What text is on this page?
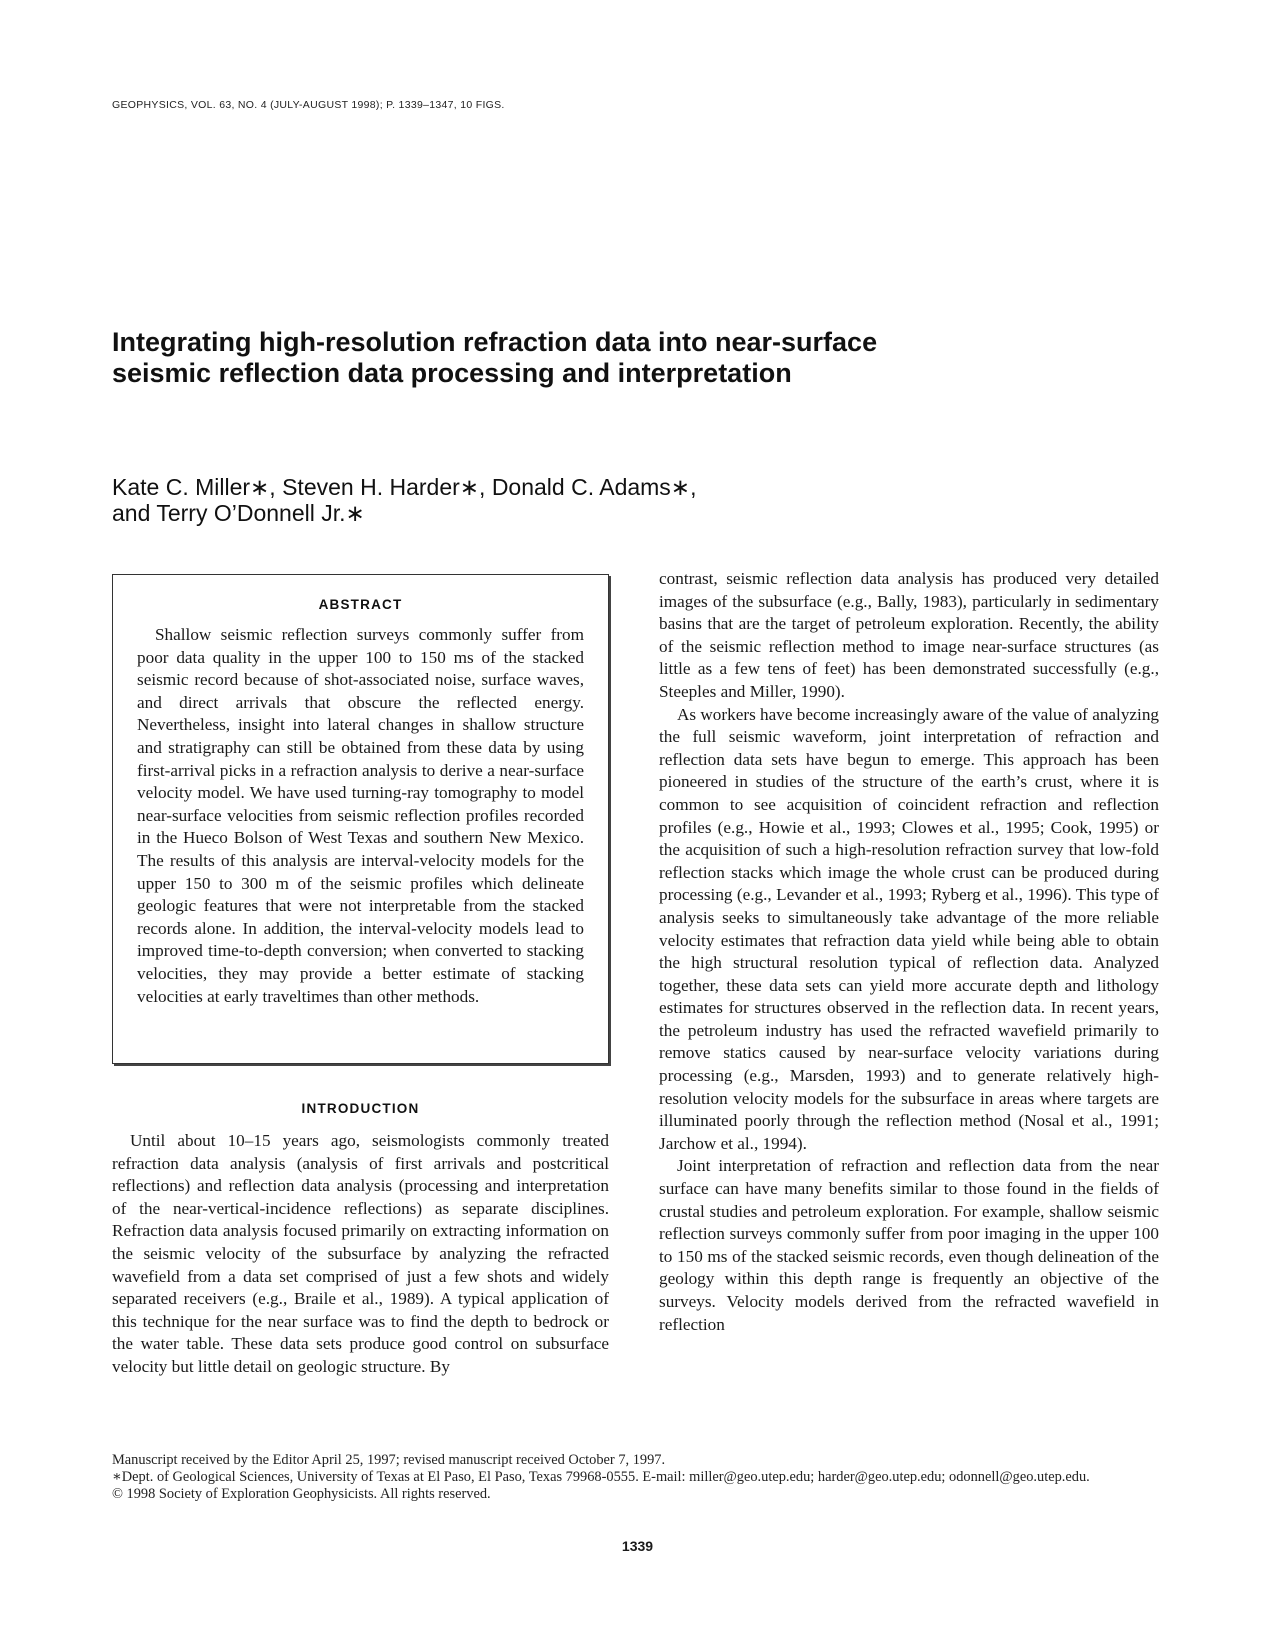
GEOPHYSICS, VOL. 63, NO. 4 (JULY-AUGUST 1998); P. 1339–1347, 10 FIGS.
Integrating high-resolution refraction data into near-surface
seismic reflection data processing and interpretation
Kate C. Miller∗, Steven H. Harder∗, Donald C. Adams∗,
and Terry O’Donnell Jr.∗
ABSTRACT

Shallow seismic reflection surveys commonly suffer from poor data quality in the upper 100 to 150 ms of the stacked seismic record because of shot-associated noise, surface waves, and direct arrivals that obscure the reflected energy. Nevertheless, insight into lateral changes in shallow structure and stratigraphy can still be obtained from these data by using first-arrival picks in a refraction analysis to derive a near-surface velocity model. We have used turning-ray tomography to model near-surface velocities from seismic reflection profiles recorded in the Hueco Bolson of West Texas and southern New Mexico. The results of this analysis are interval-velocity models for the upper 150 to 300 m of the seismic profiles which delineate geologic features that were not interpretable from the stacked records alone. In addition, the interval-velocity models lead to improved time-to-depth conversion; when converted to stacking velocities, they may provide a better estimate of stacking velocities at early traveltimes than other methods.

INTRODUCTION

Until about 10–15 years ago, seismologists commonly treated refraction data analysis (analysis of first arrivals and postcritical reflections) and reflection data analysis (processing and interpretation of the near-vertical-incidence reflections) as separate disciplines. Refraction data analysis focused primarily on extracting information on the seismic velocity of the subsurface by analyzing the refracted wavefield from a data set comprised of just a few shots and widely separated receivers (e.g., Braile et al., 1989). A typical application of this technique for the near surface was to find the depth to bedrock or the water table. These data sets produce good control on subsurface velocity but little detail on geologic structure. By

contrast, seismic reflection data analysis has produced very detailed images of the subsurface (e.g., Bally, 1983), particularly in sedimentary basins that are the target of petroleum exploration. Recently, the ability of the seismic reflection method to image near-surface structures (as little as a few tens of feet) has been demonstrated successfully (e.g., Steeples and Miller, 1990).

As workers have become increasingly aware of the value of analyzing the full seismic waveform, joint interpretation of refraction and reflection data sets have begun to emerge. This approach has been pioneered in studies of the structure of the earth’s crust, where it is common to see acquisition of coincident refraction and reflection profiles (e.g., Howie et al., 1993; Clowes et al., 1995; Cook, 1995) or the acquisition of such a high-resolution refraction survey that low-fold reflection stacks which image the whole crust can be produced during processing (e.g., Levander et al., 1993; Ryberg et al., 1996). This type of analysis seeks to simultaneously take advantage of the more reliable velocity estimates that refraction data yield while being able to obtain the high structural resolution typical of reflection data. Analyzed together, these data sets can yield more accurate depth and lithology estimates for structures observed in the reflection data. In recent years, the petroleum industry has used the refracted wavefield primarily to remove statics caused by near-surface velocity variations during processing (e.g., Marsden, 1993) and to generate relatively high-resolution velocity models for the subsurface in areas where targets are illuminated poorly through the reflection method (Nosal et al., 1991; Jarchow et al., 1994).

Joint interpretation of refraction and reflection data from the near surface can have many benefits similar to those found in the fields of crustal studies and petroleum exploration. For example, shallow seismic reflection surveys commonly suffer from poor imaging in the upper 100 to 150 ms of the stacked seismic records, even though delineation of the geology within this depth range is frequently an objective of the surveys. Velocity models derived from the refracted wavefield in reflection

Manuscript received by the Editor April 25, 1997; revised manuscript received October 7, 1997.
∗Dept. of Geological Sciences, University of Texas at El Paso, El Paso, Texas 79968-0555. E-mail: miller@geo.utep.edu; harder@geo.utep.edu; odonnell@geo.utep.edu.
© 1998 Society of Exploration Geophysicists. All rights reserved.
1339
